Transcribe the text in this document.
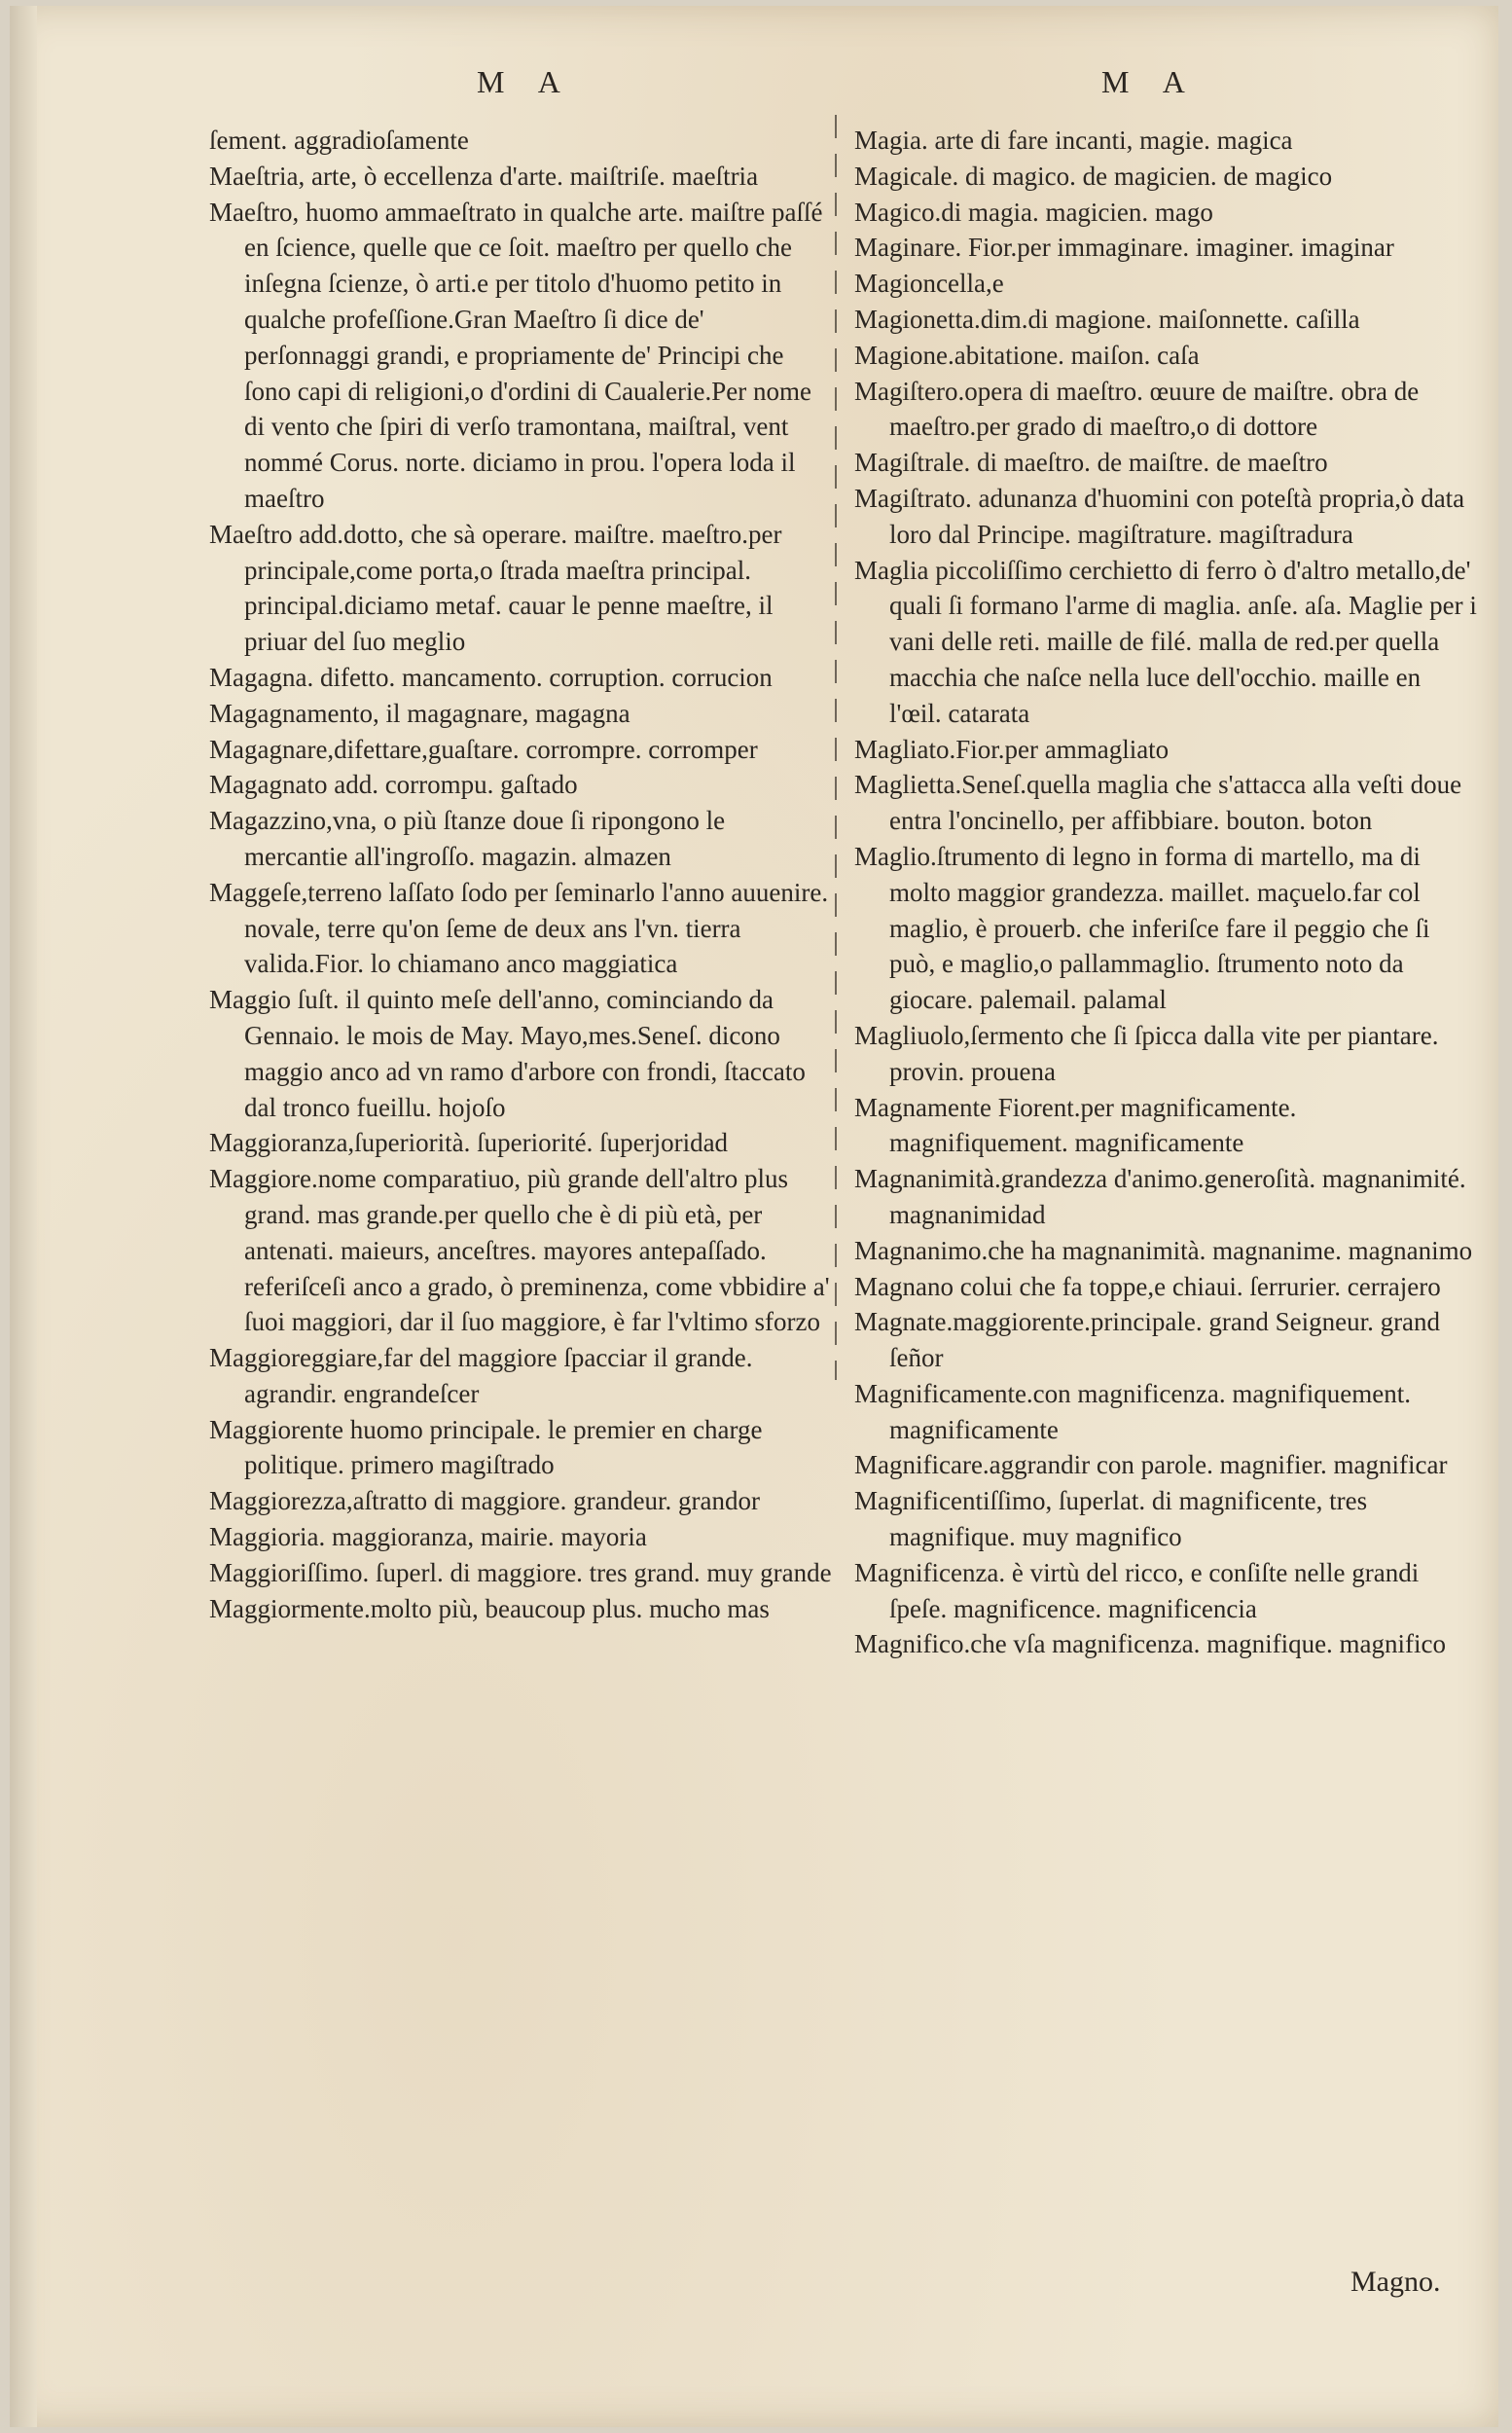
M A	M A

ſement. aggradioſamente

Maeſtria, arte, ò eccellenza d'arte. maiſtriſe. maeſtria

Maeſtro, huomo ammaeſtrato in qualche arte. maiſtre paſſé en ſcience, quelle que ce ſoit. maeſtro per quello che inſegna ſcienze, ò arti.e per titolo d'huomo petito in qualche profeſſione.Gran Maeſtro ſi dice de' perſonnaggi grandi, e propriamente de' Principi che ſono capi di religioni,o d'ordini di Caualerie.Per nome di vento che ſpiri di verſo tramontana, maiſtral, vent nommé Corus. norte. diciamo in prou. l'opera loda il maeſtro

Maeſtro add.dotto, che sà operare. maiſtre. maeſtro.per principale,come porta,o ſtrada maeſtra principal. principal.diciamo metaf. cauar le penne maeſtre, il priuar del ſuo meglio

Magagna. difetto. mancamento. corruption. corrucion

Magagnamento, il magagnare, magagna

Magagnare,difettare,guaſtare. corrompre. corromper

Magagnato add. corrompu. gaſtado

Magazzino,vna, o più ſtanze doue ſi ripongono le mercantie all'ingroſſo. magazin. almazen

Maggeſe,terreno laſſato ſodo per ſeminarlo l'anno auuenire. novale, terre qu'on ſeme de deux ans l'vn. tierra valida.Fior. lo chiamano anco maggiatica

Maggio ſuſt. il quinto meſe dell'anno, cominciando da Gennaio. le mois de May. Mayo,mes.Seneſ. dicono maggio anco ad vn ramo d'arbore con frondi, ſtaccato dal tronco fueillu. hojoſo

Maggioranza,ſuperiorità. ſuperiorité. ſuperjoridad

Maggiore.nome comparatiuo, più grande dell'altro plus grand. mas grande.per quello che è di più età, per antenati. maieurs, anceſtres. mayores antepaſſado. referiſceſi anco a grado, ò preminenza, come vbbidire a' ſuoi maggiori, dar il ſuo maggiore, è far l'vltimo sforzo

Maggioreggiare,far del maggiore ſpacciar il grande. agrandir. engrandeſcer

Maggiorente huomo principale. le premier en charge politique. primero magiſtrado

Maggiorezza,aſtratto di maggiore. grandeur. grandor

Maggioria. maggioranza, mairie. mayoria

Maggioriſſimo. ſuperl. di maggiore. tres grand. muy grande

Maggiormente.molto più, beaucoup plus. mucho mas

Magia. arte di fare incanti, magie. magica

Magicale. di magico. de magicien. de magico

Magico.di magia. magicien. mago

Maginare. Fior.per immaginare. imaginer. imaginar

Magioncella,e

Magionetta.dim.di magione. maiſonnette. caſilla

Magione.abitatione. maiſon. caſa

Magiſtero.opera di maeſtro. œuure de maiſtre. obra de maeſtro.per grado di maeſtro,o di dottore

Magiſtrale. di maeſtro. de maiſtre. de maeſtro

Magiſtrato. adunanza d'huomini con poteſtà propria,ò data loro dal Principe. magiſtrature. magiſtradura

Maglia piccoliſſimo cerchietto di ferro ò d'altro metallo,de' quali ſi formano l'arme di maglia. anſe. aſa. Maglie per i vani delle reti. maille de filé. malla de red.per quella macchia che naſce nella luce dell'occhio. maille en l'œil. catarata

Magliato.Fior.per ammagliato

Maglietta.Seneſ.quella maglia che s'attacca alla veſti doue entra l'oncinello, per affibbiare. bouton. boton

Maglio.ſtrumento di legno in forma di martello, ma di molto maggior grandezza. maillet. maçuelo.far col maglio, è prouerb. che inferiſce fare il peggio che ſi può, e maglio,o pallammaglio. ſtrumento noto da giocare. palemail. palamal

Magliuolo,ſermento che ſi ſpicca dalla vite per piantare. provin. prouena

Magnamente Fiorent.per magnificamente. magnifiquement. magnificamente

Magnanimità.grandezza d'animo.generoſità. magnanimité. magnanimidad

Magnanimo.che ha magnanimità. magnanime. magnanimo

Magnano colui che fa toppe,e chiaui. ſerrurier. cerrajero

Magnate.maggiorente.principale. grand Seigneur. grand ſeñor

Magnificamente.con magnificenza. magnifiquement. magnificamente

Magnificare.aggrandir con parole. magnifier. magnificar

Magnificentiſſimo, ſuperlat. di magnificente, tres magnifique. muy magnifico

Magnificenza. è virtù del ricco, e conſiſte nelle grandi ſpeſe. magnificence. magnificencia

Magnifico.che vſa magnificenza. magnifique. magnifico

Magno.
